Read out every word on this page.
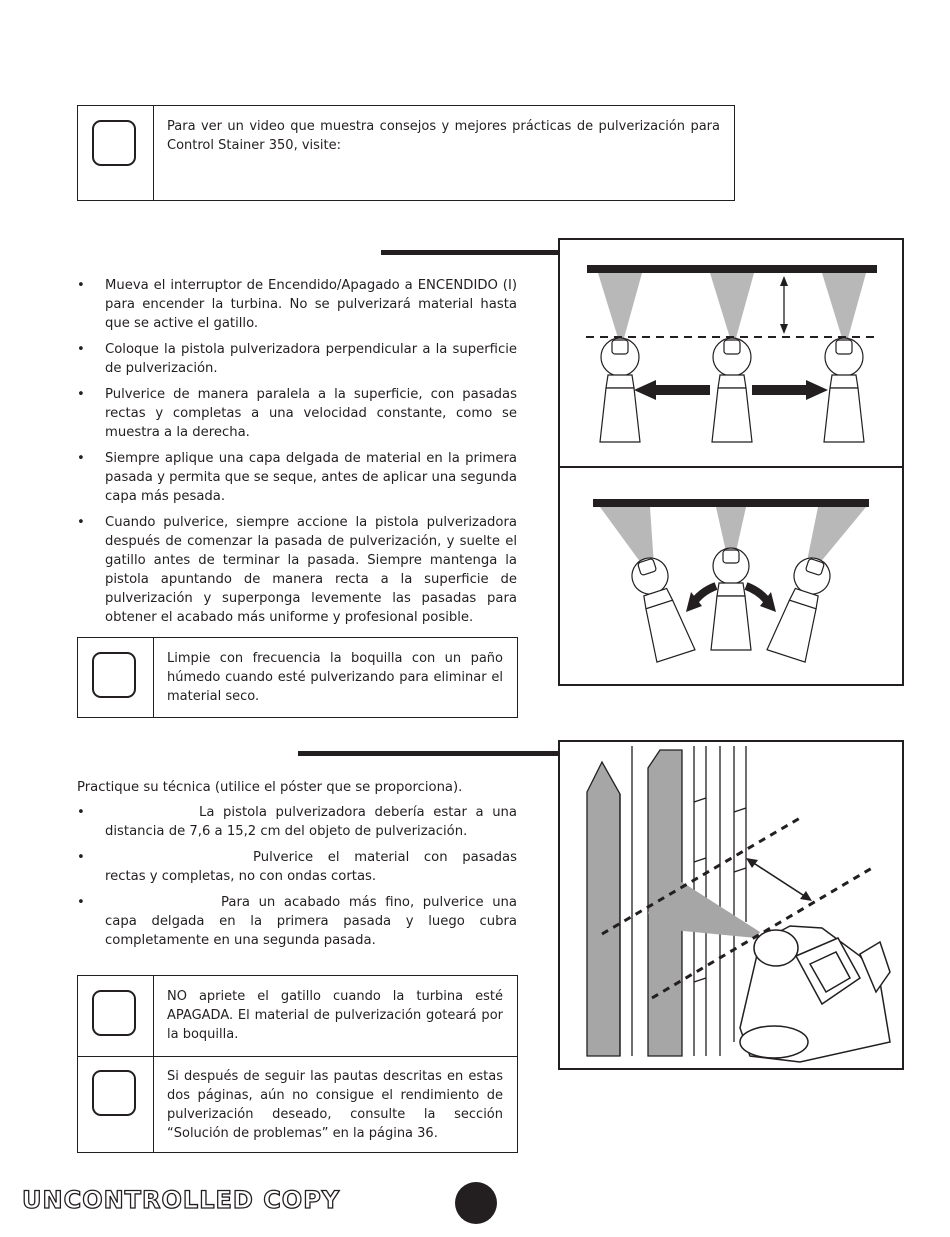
Para ver un video que muestra consejos y mejores prácticas de pulverización para Control Stainer 350, visite:
• Mueva el interruptor de Encendido/Apagado a ENCENDIDO (I) para encender la turbina. No se pulverizará material hasta que se active el gatillo.
• Coloque la pistola pulverizadora perpendicular a la superficie de pulverización.
• Pulverice de manera paralela a la superficie, con pasadas rectas y completas a una velocidad constante, como se muestra a la derecha.
• Siempre aplique una capa delgada de material en la primera pasada y permita que se seque, antes de aplicar una segunda capa más pesada.
• Cuando pulverice, siempre accione la pistola pulverizadora después de comenzar la pasada de pulverización, y suelte el gatillo antes de terminar la pasada. Siempre mantenga la pistola apuntando de manera recta a la superficie de pulverización y superponga levemente las pasadas para obtener el acabado más uniforme y profesional posible.
Limpie con frecuencia la boquilla con un paño húmedo cuando esté pulverizando para eliminar el material seco.
Practique su técnica (utilice el póster que se proporciona).
• La pistola pulverizadora debería estar a una distancia de 7,6 a 15,2 cm del objeto de pulverización.
• Pulverice el material con pasadas rectas y completas, no con ondas cortas.
• Para un acabado más fino, pulverice una capa delgada en la primera pasada y luego cubra completamente en una segunda pasada.
NO apriete el gatillo cuando la turbina esté APAGADA. El material de pulverización goteará por la boquilla.
Si después de seguir las pautas descritas en estas dos páginas, aún no consigue el rendimiento de pulverización deseado, consulte la sección “Solución de problemas” en la página 36.
UNCONTROLLED COPY
